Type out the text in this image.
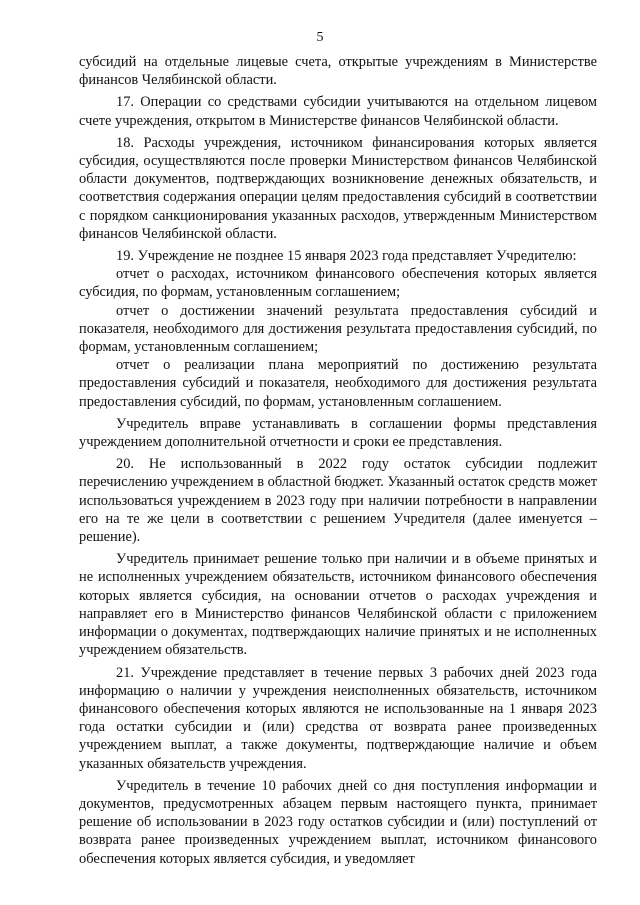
5

субсидий на отдельные лицевые счета, открытые учреждениям в Министерстве финансов Челябинской области.

17. Операции со средствами субсидии учитываются на отдельном лицевом счете учреждения, открытом в Министерстве финансов Челябинской области.

18. Расходы учреждения, источником финансирования которых является субсидия, осуществляются после проверки Министерством финансов Челябинской области документов, подтверждающих возникновение денежных обязательств, и соответствия содержания операции целям предоставления субсидий в соответствии с порядком санкционирования указанных расходов, утвержденным Министерством финансов Челябинской области.

19. Учреждение не позднее 15 января 2023 года представляет Учредителю:

отчет о расходах, источником финансового обеспечения которых является субсидия, по формам, установленным соглашением;

отчет о достижении значений результата предоставления субсидий и показателя, необходимого для достижения результата предоставления субсидий, по формам, установленным соглашением;

отчет о реализации плана мероприятий по достижению результата предоставления субсидий и показателя, необходимого для достижения результата предоставления субсидий, по формам, установленным соглашением.

Учредитель вправе устанавливать в соглашении формы представления учреждением дополнительной отчетности и сроки ее представления.

20. Не использованный в 2022 году остаток субсидии подлежит перечислению учреждением в областной бюджет. Указанный остаток средств может использоваться учреждением в 2023 году при наличии потребности в направлении его на те же цели в соответствии с решением Учредителя (далее именуется – решение).

Учредитель принимает решение только при наличии и в объеме принятых и не исполненных учреждением обязательств, источником финансового обеспечения которых является субсидия, на основании отчетов о расходах учреждения и направляет его в Министерство финансов Челябинской области с приложением информации о документах, подтверждающих наличие принятых и не исполненных учреждением обязательств.

21. Учреждение представляет в течение первых 3 рабочих дней 2023 года информацию о наличии у учреждения неисполненных обязательств, источником финансового обеспечения которых являются не использованные на 1 января 2023 года остатки субсидии и (или) средства от возврата ранее произведенных учреждением выплат, а также документы, подтверждающие наличие и объем указанных обязательств учреждения.

Учредитель в течение 10 рабочих дней со дня поступления информации и документов, предусмотренных абзацем первым настоящего пункта, принимает решение об использовании в 2023 году остатков субсидии и (или) поступлений от возврата ранее произведенных учреждением выплат, источником финансового обеспечения которых является субсидия, и уведомляет
